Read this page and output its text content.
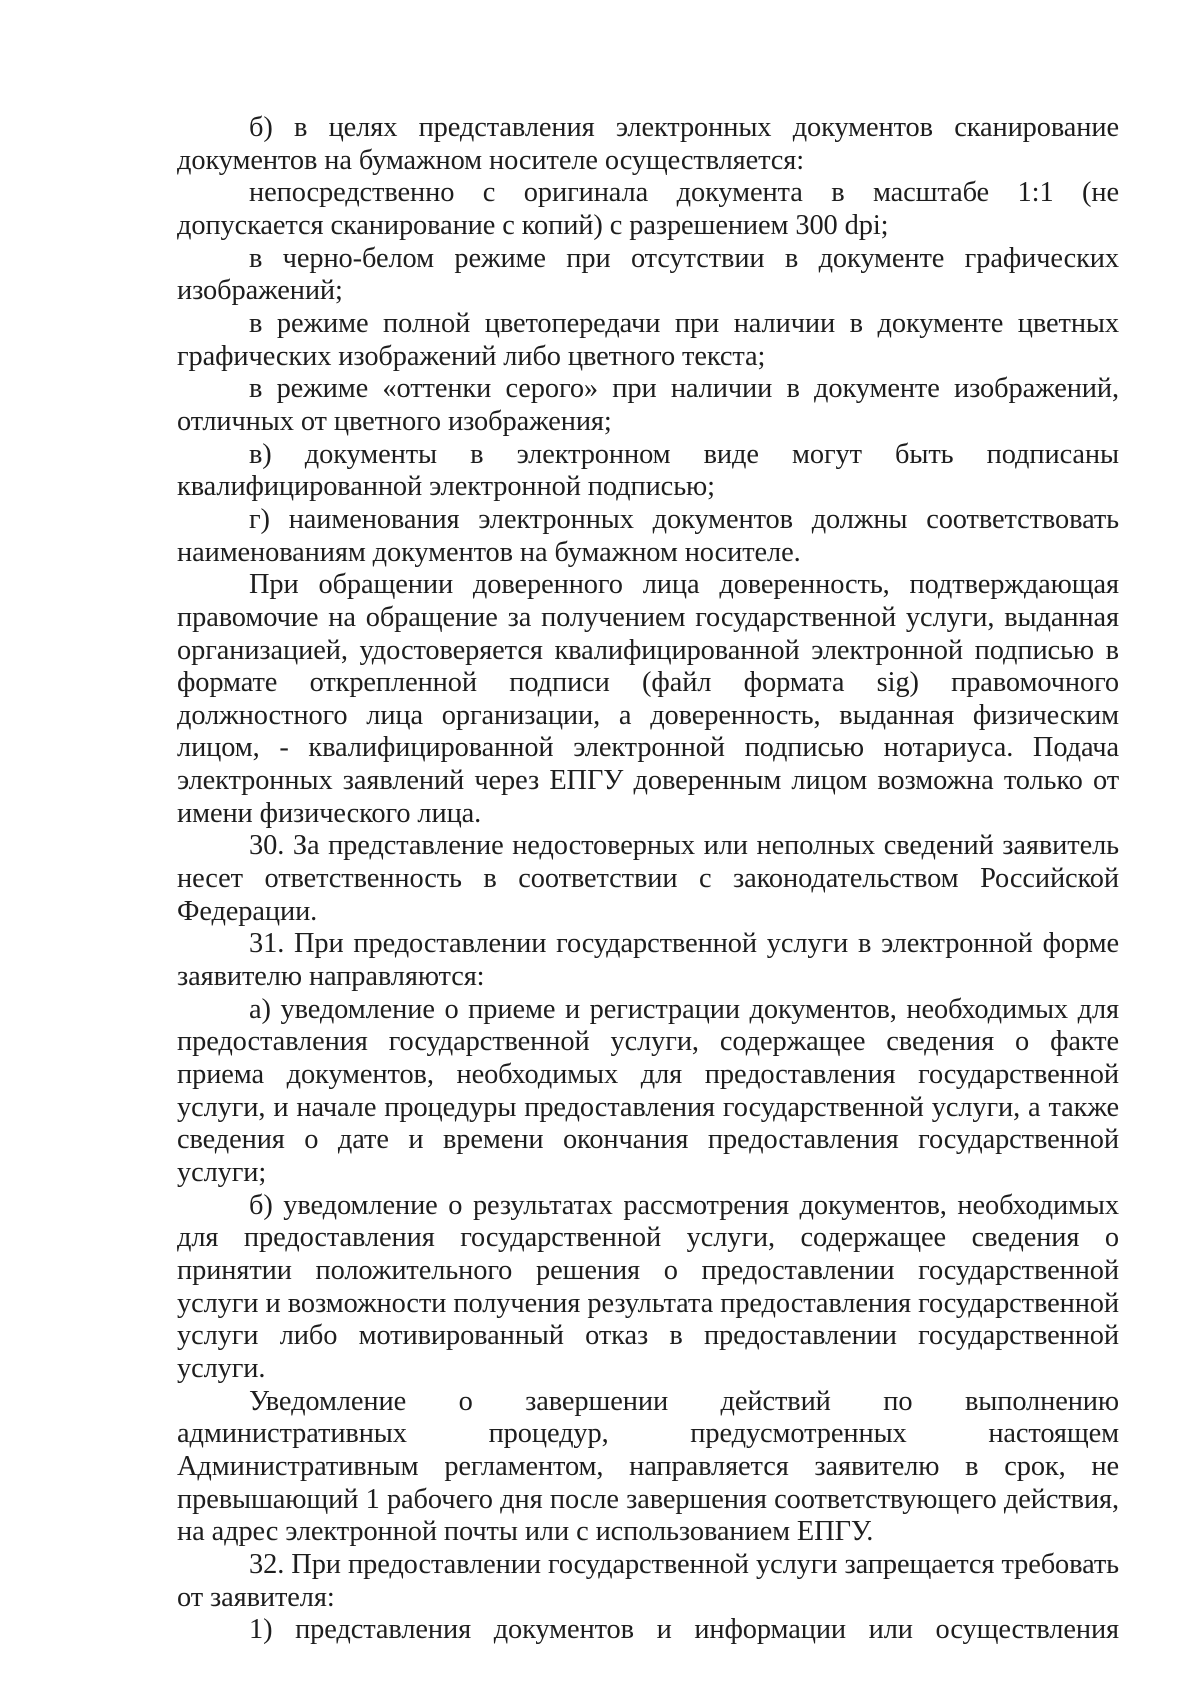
б) в целях представления электронных документов сканирование документов на бумажном носителе осуществляется:

непосредственно с оригинала документа в масштабе 1:1 (не допускается сканирование с копий) с разрешением 300 dpi;

в черно-белом режиме при отсутствии в документе графических изображений;

в режиме полной цветопередачи при наличии в документе цветных графических изображений либо цветного текста;

в режиме «оттенки серого» при наличии в документе изображений, отличных от цветного изображения;

в) документы в электронном виде могут быть подписаны квалифицированной электронной подписью;

г) наименования электронных документов должны соответствовать наименованиям документов на бумажном носителе.

При обращении доверенного лица доверенность, подтверждающая правомочие на обращение за получением государственной услуги, выданная организацией, удостоверяется квалифицированной электронной подписью в формате открепленной подписи (файл формата sig) правомочного должностного лица организации, а доверенность, выданная физическим лицом, - квалифицированной электронной подписью нотариуса. Подача электронных заявлений через ЕПГУ доверенным лицом возможна только от имени физического лица.

30. За представление недостоверных или неполных сведений заявитель несет ответственность в соответствии с законодательством Российской Федерации.

31. При предоставлении государственной услуги в электронной форме заявителю направляются:

а) уведомление о приеме и регистрации документов, необходимых для предоставления государственной услуги, содержащее сведения о факте приема документов, необходимых для предоставления государственной услуги, и начале процедуры предоставления государственной услуги, а также сведения о дате и времени окончания предоставления государственной услуги;

б) уведомление о результатах рассмотрения документов, необходимых для предоставления государственной услуги, содержащее сведения о принятии положительного решения о предоставлении государственной услуги и возможности получения результата предоставления государственной услуги либо мотивированный отказ в предоставлении государственной услуги.

Уведомление о завершении действий по выполнению административных процедур, предусмотренных настоящем Административным регламентом, направляется заявителю в срок, не превышающий 1 рабочего дня после завершения соответствующего действия, на адрес электронной почты или с использованием ЕПГУ.

32. При предоставлении государственной услуги запрещается требовать от заявителя:

1) представления документов и информации или осуществления
